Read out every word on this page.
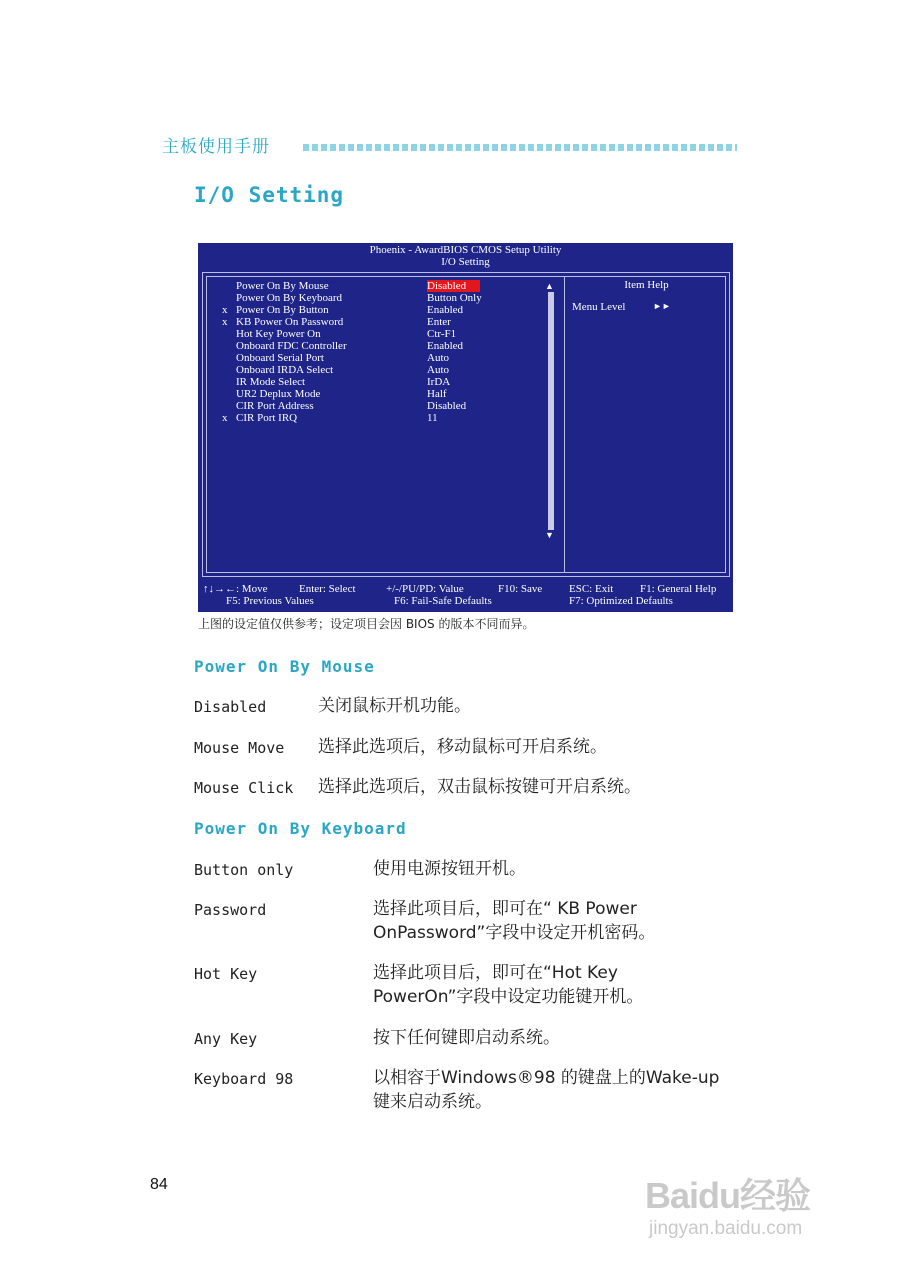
主板使用手册
I/O Setting
Phoenix - AwardBIOS CMOS Setup Utility
I/O Setting
Power On By Mouse	Disabled
Power On By Keyboard	Button Only
x Power On By Button	Enabled
x KB Power On Password	Enter
Hot Key Power On	Ctr-F1
Onboard FDC Controller	Enabled
Onboard Serial Port	Auto
Onboard IRDA Select	Auto
IR Mode Select	IrDA
UR2 Deplux Mode	Half
CIR Port Address	Disabled
x CIR Port IRQ	11
▲
▼
Item Help
Menu Level	►►
↑↓→←: Move	Enter: Select	+/-/PU/PD: Value	F10: Save ESC: Exit F1: General Help
F5: Previous Values	F6: Fail-Safe Defaults	F7: Optimized Defaults
上图的设定值仅供参考；设定项目会因 BIOS 的版本不同而异。
Power On By Mouse
Disabled	关闭鼠标开机功能。
Mouse Move 选择此选项后，移动鼠标可开启系统。
Mouse Click 选择此选项后，双击鼠标按键可开启系统。
Power On By Keyboard
Button only	使用电源按钮开机。
Password	选择此项目后，即可在“ KB Power
OnPassword”字段中设定开机密码。
Hot Key	选择此项目后，即可在“Hot Key
PowerOn”字段中设定功能键开机。
Any Key	按下任何键即启动系统。
Keyboard 98	以相容于Windows®98 的键盘上的Wake-up
键来启动系统。
84	Baidu经验
jingyan.baidu.com
